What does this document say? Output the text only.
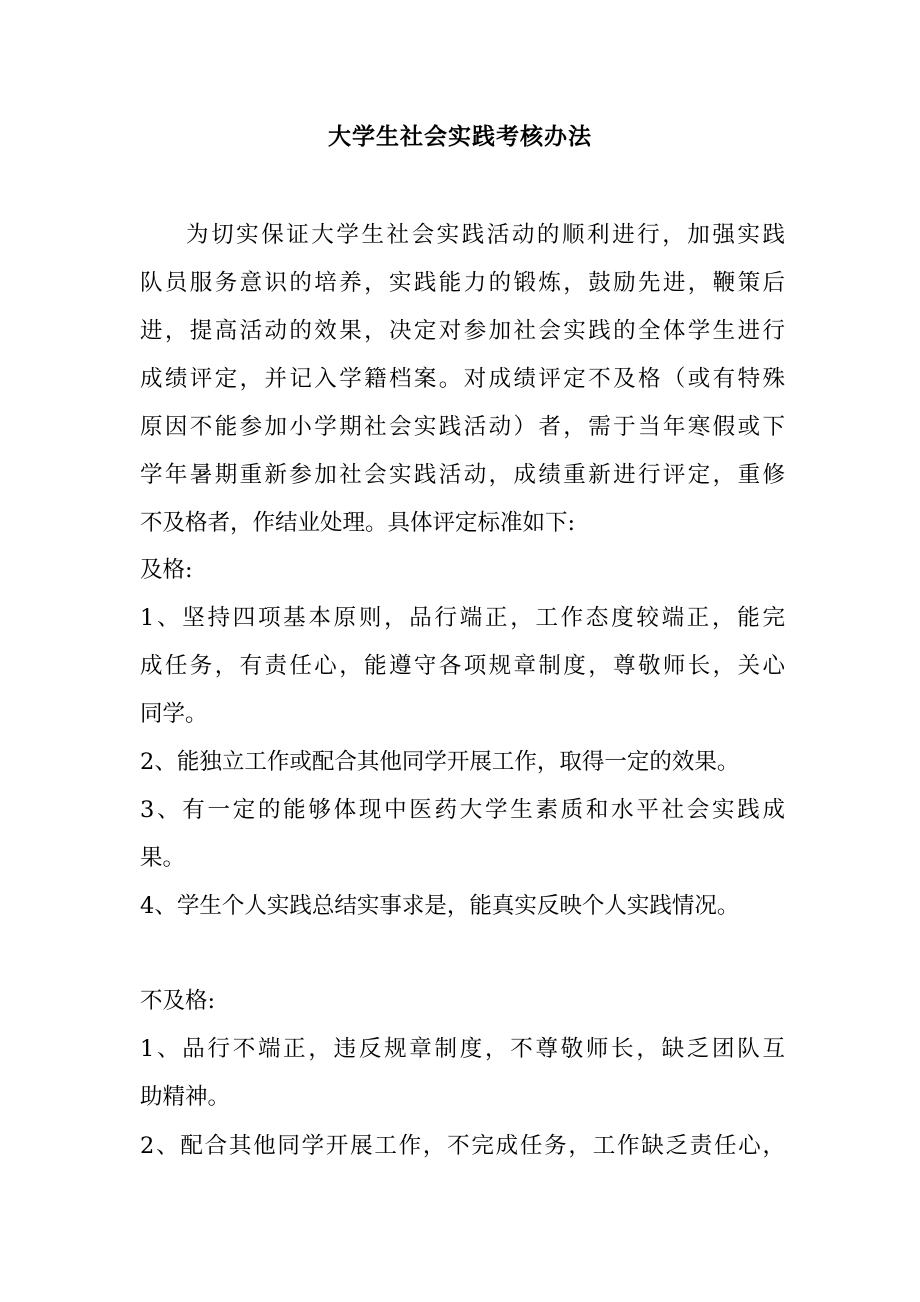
大学生社会实践考核办法
为切实保证大学生社会实践活动的顺利进行，加强实践
队员服务意识的培养，实践能力的锻炼，鼓励先进，鞭策后
进，提高活动的效果，决定对参加社会实践的全体学生进行
成绩评定，并记入学籍档案。对成绩评定不及格（或有特殊
原因不能参加小学期社会实践活动）者，需于当年寒假或下
学年暑期重新参加社会实践活动，成绩重新进行评定，重修
不及格者，作结业处理。具体评定标准如下:
及格:
1、坚持四项基本原则，品行端正，工作态度较端正，能完
成任务，有责任心，能遵守各项规章制度，尊敬师长，关心
同学。
2、能独立工作或配合其他同学开展工作，取得一定的效果。
3、有一定的能够体现中医药大学生素质和水平社会实践成
果。
4、学生个人实践总结实事求是，能真实反映个人实践情况。
不及格:
1、品行不端正，违反规章制度，不尊敬师长，缺乏团队互
助精神。
2、配合其他同学开展工作，不完成任务，工作缺乏责任心，
